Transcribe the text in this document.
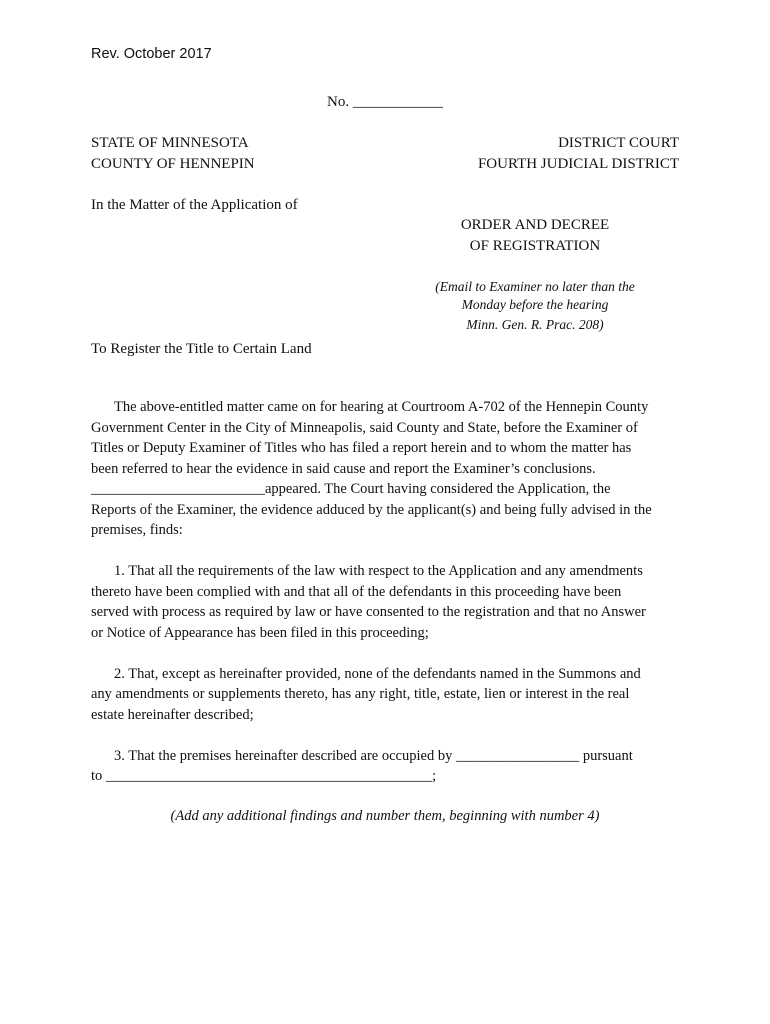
Rev. October 2017
No. ____________
STATE OF MINNESOTA
COUNTY OF HENNEPIN
DISTRICT COURT
FOURTH JUDICIAL DISTRICT
In the Matter of the Application of
ORDER AND DECREE
OF REGISTRATION
(Email to Examiner no later than the
Monday before the hearing
Minn. Gen. R. Prac. 208)
To Register the Title to Certain Land
The above-entitled matter came on for hearing at Courtroom A-702 of the Hennepin County
Government Center in the City of Minneapolis, said County and State, before the Examiner of
Titles or Deputy Examiner of Titles who has filed a report herein and to whom the matter has
been referred to hear the evidence in said cause and report the Examiner’s conclusions.
________________________appeared. The Court having considered the Application, the
Reports of the Examiner, the evidence adduced by the applicant(s) and being fully advised in the
premises, finds:
1. That all the requirements of the law with respect to the Application and any amendments
thereto have been complied with and that all of the defendants in this proceeding have been
served with process as required by law or have consented to the registration and that no Answer
or Notice of Appearance has been filed in this proceeding;
2. That, except as hereinafter provided, none of the defendants named in the Summons and
any amendments or supplements thereto, has any right, title, estate, lien or interest in the real
estate hereinafter described;
3. That the premises hereinafter described are occupied by _________________ pursuant
to _____________________________________________;
(Add any additional findings and number them, beginning with number 4)
